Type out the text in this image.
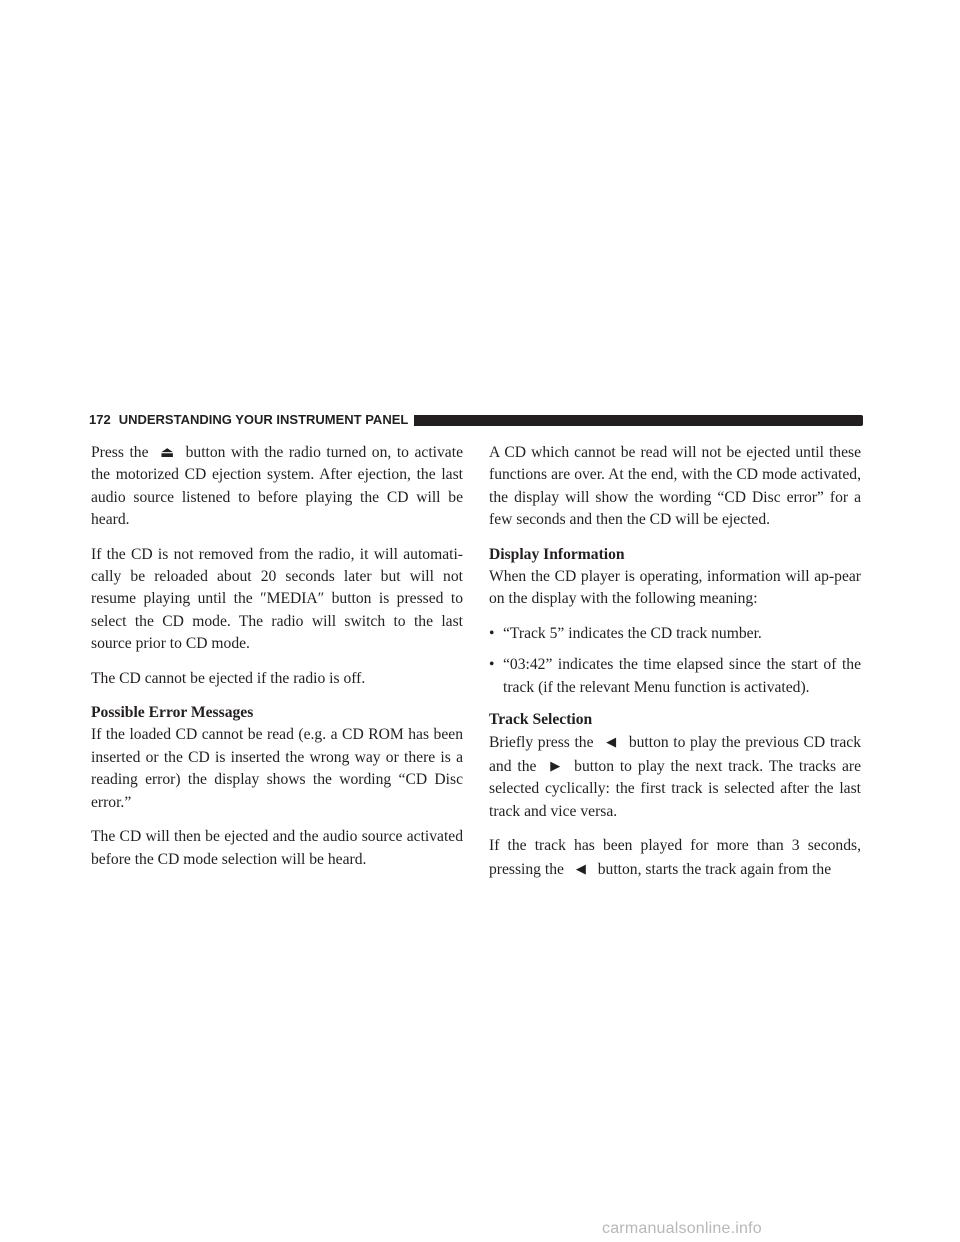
172 UNDERSTANDING YOUR INSTRUMENT PANEL

Press the ⏏ button with the radio turned on, to activate the motorized CD ejection system. After ejection, the last audio source listened to before playing the CD will be heard.

If the CD is not removed from the radio, it will automati-cally be reloaded about 20 seconds later but will not resume playing until the ″MEDIA″ button is pressed to select the CD mode. The radio will switch to the last source prior to CD mode.

The CD cannot be ejected if the radio is off.

Possible Error Messages

If the loaded CD cannot be read (e.g. a CD ROM has been inserted or the CD is inserted the wrong way or there is a reading error) the display shows the wording “CD Disc error.”

The CD will then be ejected and the audio source activated before the CD mode selection will be heard.

A CD which cannot be read will not be ejected until these functions are over. At the end, with the CD mode activated, the display will show the wording “CD Disc error” for a few seconds and then the CD will be ejected.

Display Information

When the CD player is operating, information will ap-pear on the display with the following meaning:

• “Track 5” indicates the CD track number.
• “03:42” indicates the time elapsed since the start of the track (if the relevant Menu function is activated).
Track Selection

Briefly press the ◀ button to play the previous CD track and the ▶ button to play the next track. The tracks are selected cyclically: the first track is selected after the last track and vice versa.

If the track has been played for more than 3 seconds, pressing the ◀ button, starts the track again from the

carmanualsonline.info
